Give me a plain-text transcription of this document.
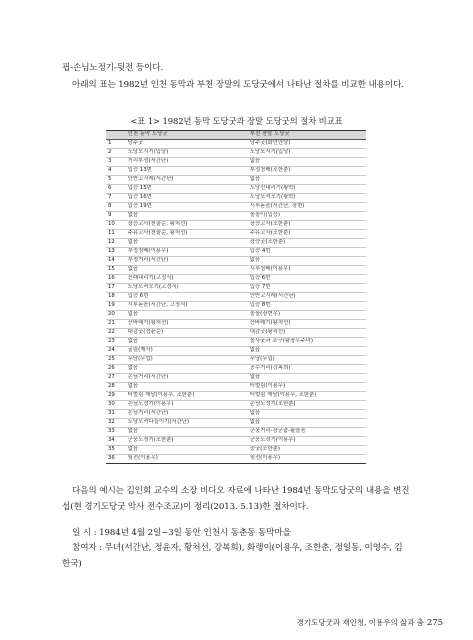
핍-손님노정기-뒷전 등이다.
아래의 표는 1982년 인천 동막과 부천 장말의 도당굿에서 나타난 절차를 비교한 내용이다.
<표 1> 1982년 동막 도당굿과 장말 도당굿의 절차 비교표
	인천 동막 도당굿	부천 장말 도당굿
1	당주굿	당주굿(화인안당)
2	도당모시기(입당)	도당모시기(입당)
3	거리부정(서간난)	없음
4	입승 13번	부정청배(조한춘)
5	안반고시레(서간난)	없음
6	입승 15번	도당신내리기(황학)
7	입승 16번	도당모셔오기(황학)
8	입승 19번	시루돋음(서간난, 장현)
9	없음	돌돌이(입승)
10	장승고사(천술순, 황처선)	장승고사(조한춘)
11	주유고사(천술순, 황처선)	주유고사(조한춘)
12	없음	장승굿(조한춘)
13	부정청배(이용우)	입승 4번
14	부정거리(서간난)	없음
15	없음	시루청배(이용우)
16	신래내리기(고정식)	입승 6번
17	도당모셔오기(고정식)	입승 7번
18	입승 6번	안반고시레(서간난)
19	시루돋음(서간난, 고정식)	입승 8번
20	없음	돌돌(장현우)
21	산바래기(황처선)	산바래기(황처선)
22	대감굿(정윤순)	대감굿(황처선)
23	없음	돌사굿과 조구(황장우주녀)
24	굴림(제사)	없음
25	무당(무업)	무당(무업)
26	없음	공수거리(강복희)
27	손님거리(서간난)	없음
28	없음	터벌림(이용우)
29	터벌림 재담(이용우, 조한춘)	터벌림 재담(이용우, 조한춘)
30	손님노정기(이용우)	손님노정기(조한춘)
31	손님거리(서간난)	없음
32	도당모셔다들이기(서간난)	없음
33	없음	군웅거리-장군춤-활놀음
34	군웅노정기(조한춘)	군웅노정기(이용우)
35	없음	중굿(조한춘)
36	뒷전(이용우)	뒷전(이용우)
다음의 예시는 김인회 교수의 소장 비디오 자료에 나타난 1984년 동막도당굿의 내용을 변진
섭(현 경기도당굿 악사 전수조교)이 정리(2013. 5.13)한 절차이다.
일 시 : 1984년 4월 2일~3일 동안 인천시 동춘동 동막마을
참여자 : 무녀(서간난, 정윤자, 황처선, 강복희), 화랭이(이용우, 조한춘, 정일동, 이영수, 김
한국)
경기도당굿과 재인청, 이용우의 삶과 춤 275
